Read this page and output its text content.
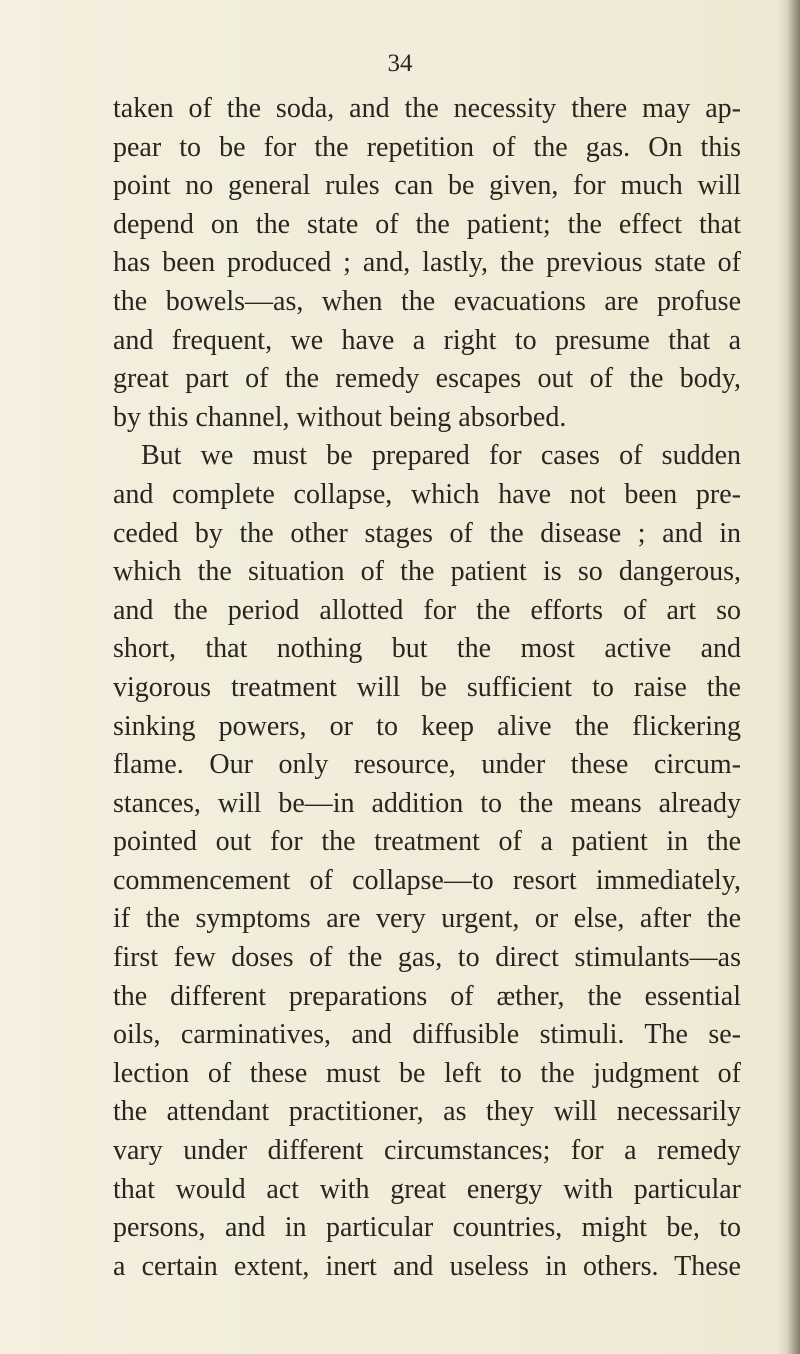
34
taken of the soda, and the necessity there may ap-
pear to be for the repetition of the gas. On this
point no general rules can be given, for much will
depend on the state of the patient; the effect that
has been produced ; and, lastly, the previous state of
the bowels—as, when the evacuations are profuse
and frequent, we have a right to presume that a
great part of the remedy escapes out of the body,
by this channel, without being absorbed.
But we must be prepared for cases of sudden
and complete collapse, which have not been pre-
ceded by the other stages of the disease ; and in
which the situation of the patient is so dangerous,
and the period allotted for the efforts of art so
short, that nothing but the most active and
vigorous treatment will be sufficient to raise the
sinking powers, or to keep alive the flickering
flame. Our only resource, under these circum-
stances, will be—in addition to the means already
pointed out for the treatment of a patient in the
commencement of collapse—to resort immediately,
if the symptoms are very urgent, or else, after the
first few doses of the gas, to direct stimulants—as
the different preparations of æther, the essential
oils, carminatives, and diffusible stimuli. The se-
lection of these must be left to the judgment of
the attendant practitioner, as they will necessarily
vary under different circumstances; for a remedy
that would act with great energy with particular
persons, and in particular countries, might be, to
a certain extent, inert and useless in others. These
